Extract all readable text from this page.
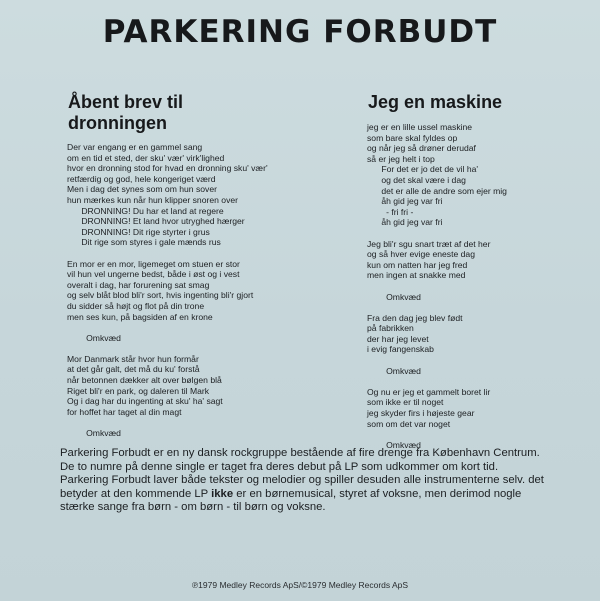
PARKERING FORBUDT
Åbent brev til
dronningen
Jeg en maskine
Der var engang er en gammel sang
om en tid et sted, der sku' vær' virk'lighed
hvor en dronning stod for hvad en dronning sku' vær'
retfærdig og god, hele kongeriget værd
Men i dag det synes som om hun sover
hun mærkes kun når hun klipper snoren over
DRONNING! Du har et land at regere
DRONNING! Et land hvor utryghed hærger
DRONNING! Dit rige styrter i grus
Dit rige som styres i gale mænds rus
En mor er en mor, ligemeget om stuen er stor
vil hun vel ungerne bedst, både i øst og i vest
overalt i dag, har forurening sat smag
og selv blåt blod bli'r sort, hvis ingenting bli'r gjort
du sidder så højt og flot på din trone
men ses kun, på bagsiden af en krone
Omkvæd
Mor Danmark står hvor hun formår
at det går galt, det må du ku' forstå
når betonnen dækker alt over bølgen blå
Riget bli'r en park, og daleren til Mark
Og i dag har du ingenting at sku' ha' sagt
for hoffet har taget al din magt
Omkvæd
jeg er en lille ussel maskine
som bare skal fyldes op
og når jeg så drøner derudaf
så er jeg helt i top
For det er jo det de vil ha'
og det skal være i dag
det er alle de andre som ejer mig
åh gid jeg var fri
- fri fri -
åh gid jeg var fri
Jeg bli'r sgu snart træt af det her
og så hver evige eneste dag
kun om natten har jeg fred
men ingen at snakke med
Omkvæd
Fra den dag jeg blev født
på fabrikken
der har jeg levet
i evig fangenskab
Omkvæd
Og nu er jeg et gammelt boret lir
som ikke er til noget
jeg skyder firs i højeste gear
som om det var noget
Omkvæd

Parkering Forbudt er en ny dansk rockgruppe bestående af fire drenge fra København Centrum.

De to numre på denne single er taget fra deres debut på LP som udkommer om kort tid.

Parkering Forbudt laver både tekster og melodier og spiller desuden alle instrumenterne selv. det betyder at den kommende LP ikke er en børnemusical, styret af voksne, men derimod nogle stærke sange fra børn - om børn - til børn og voksne.

℗1979 Medley Records ApS/©1979 Medley Records ApS
